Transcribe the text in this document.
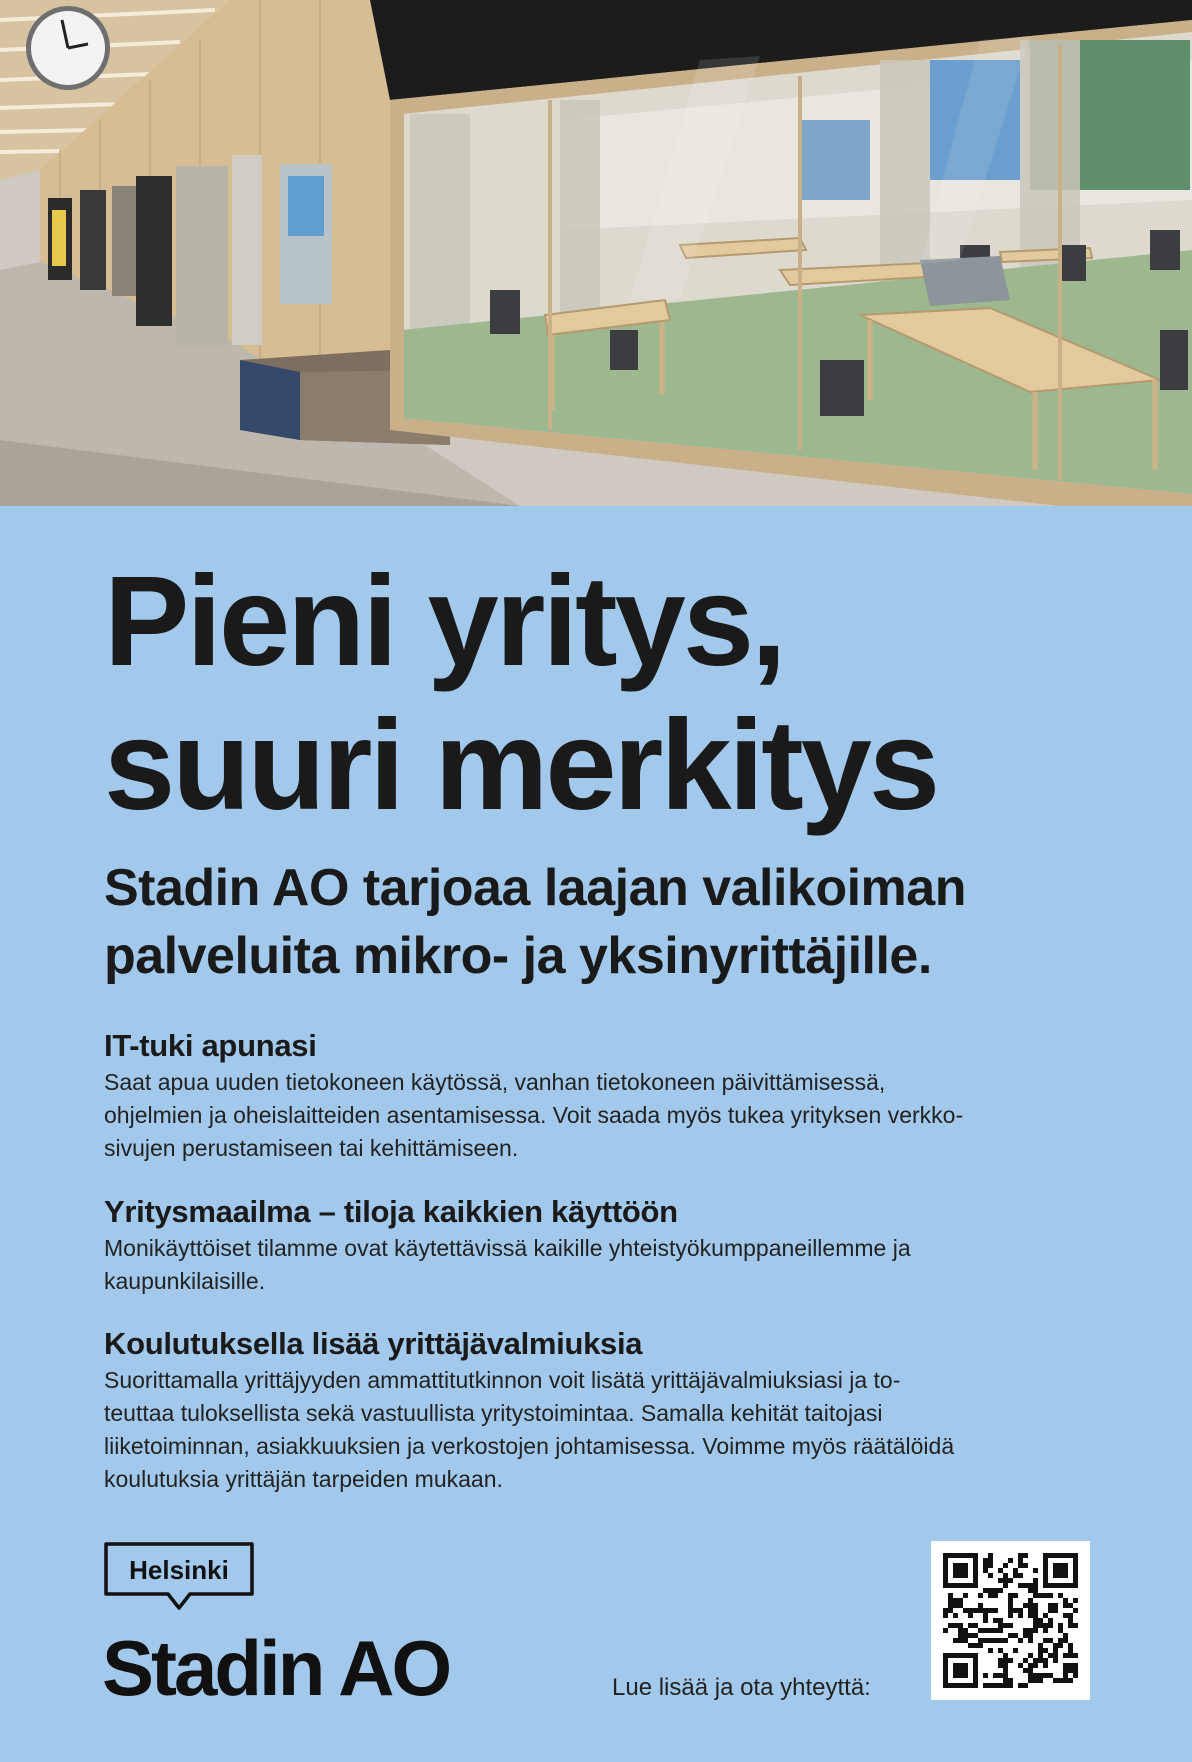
Pieni yritys,
suuri merkitys
Stadin AO tarjoaa laajan valikoiman
palveluita mikro- ja yksinyrittäjille.
IT-tuki apunasi

Saat apua uuden tietokoneen käytössä, vanhan tietokoneen päivittämisessä,
ohjelmien ja oheislaitteiden asentamisessa. Voit saada myös tukea yrityksen verkko-
sivujen perustamiseen tai kehittämiseen.

Yritysmaailma – tiloja kaikkien käyttöön

Monikäyttöiset tilamme ovat käytettävissä kaikille yhteistyökumppaneillemme ja
kaupunkilaisille.

Koulutuksella lisää yrittäjävalmiuksia

Suorittamalla yrittäjyyden ammattitutkinnon voit lisätä yrittäjävalmiuksiasi ja to-
teuttaa tuloksellista sekä vastuullista yritystoimintaa. Samalla kehität taitojasi
liiketoiminnan, asiakkuuksien ja verkostojen johtamisessa. Voimme myös räätälöidä
koulutuksia yrittäjän tarpeiden mukaan.

Helsinki
Stadin AO	Lue lisää ja ota yhteyttä:
